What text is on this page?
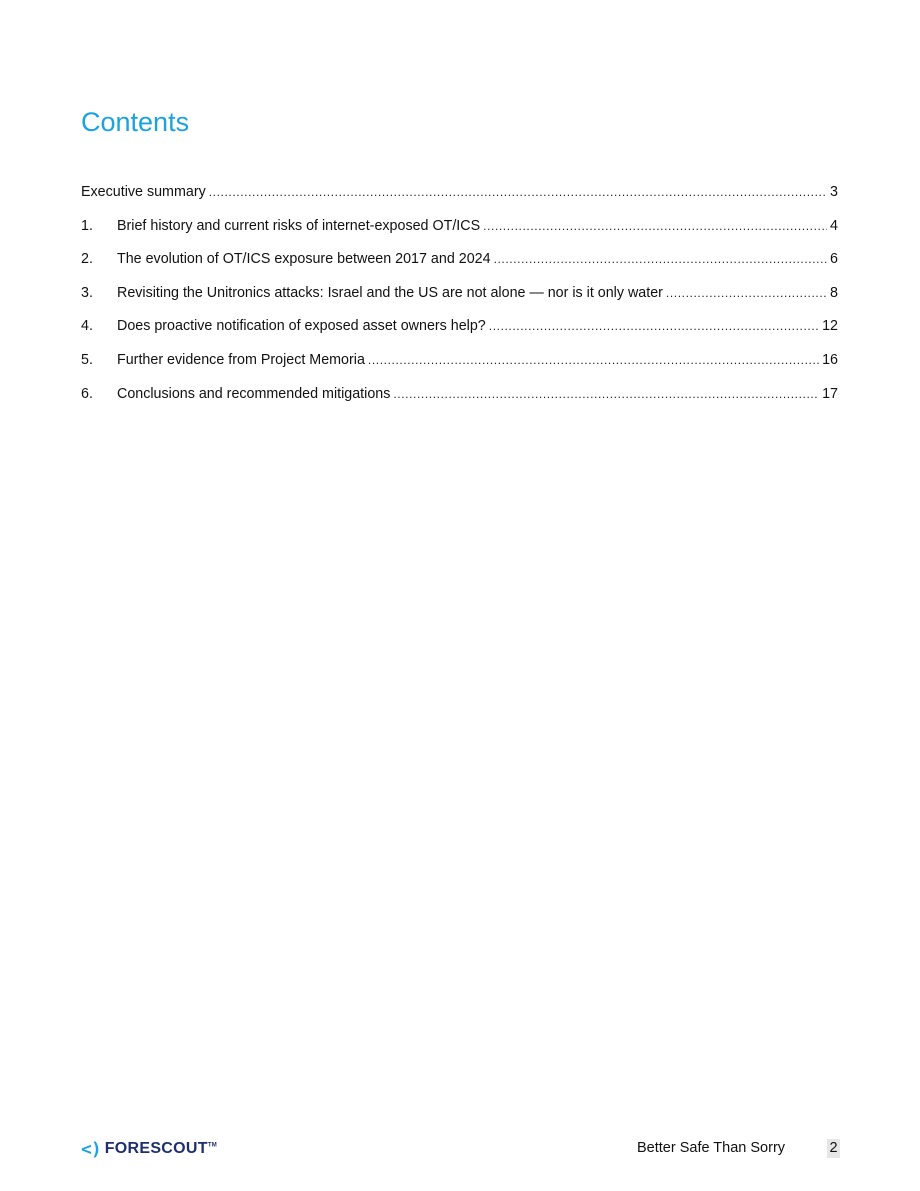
Contents
Executive summary .....	3
1.	Brief history and current risks of internet-exposed OT/ICS .....	4
2.	The evolution of OT/ICS exposure between 2017 and 2024 .....	6
3.	Revisiting the Unitronics attacks: Israel and the US are not alone — nor is it only water .....	8
4.	Does proactive notification of exposed asset owners help? .....	12
5.	Further evidence from Project Memoria .....	16
6.	Conclusions and recommended mitigations .....	17
<) FORESCOUT™	Better Safe Than Sorry	2
